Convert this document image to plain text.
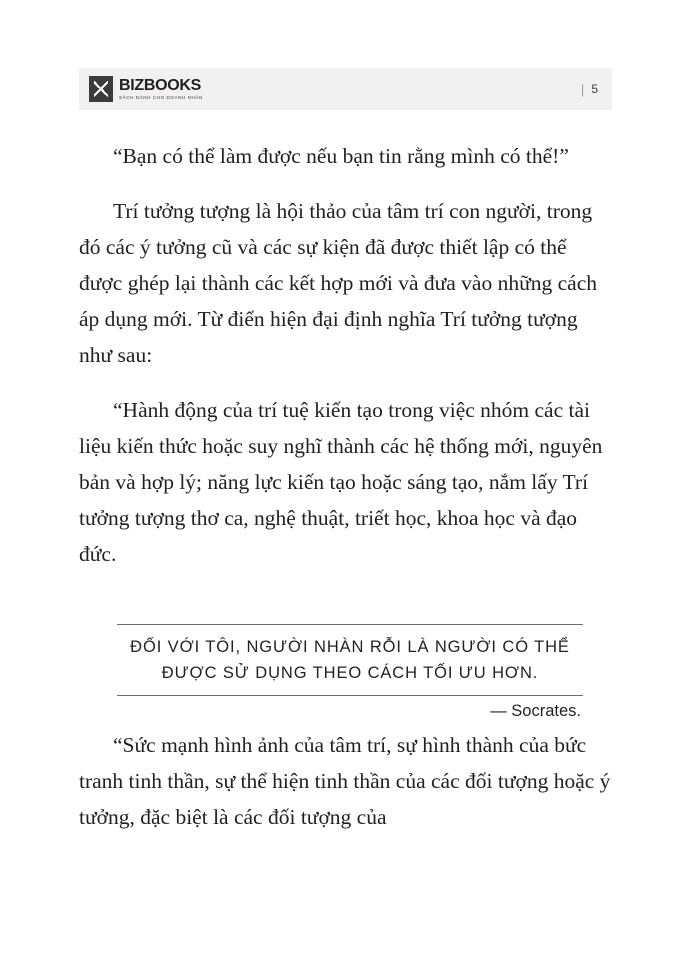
BIZBOOKS
SÁCH DÀNH CHO DOANH NHÂN
| 5

“Bạn có thể làm được nếu bạn tin rằng mình có thể!”

Trí tưởng tượng là hội thảo của tâm trí con người, trong đó các ý tưởng cũ và các sự kiện đã được thiết lập có thể được ghép lại thành các kết hợp mới và đưa vào những cách áp dụng mới. Từ điển hiện đại định nghĩa Trí tưởng tượng như sau:

“Hành động của trí tuệ kiến tạo trong việc nhóm các tài liệu kiến thức hoặc suy nghĩ thành các hệ thống mới, nguyên bản và hợp lý; năng lực kiến tạo hoặc sáng tạo, nắm lấy Trí tưởng tượng thơ ca, nghệ thuật, triết học, khoa học và đạo đức.

ĐỐI VỚI TÔI, NGƯỜI NHÀN RỖI LÀ NGƯỜI CÓ THỂ ĐƯỢC SỬ DỤNG THEO CÁCH TỐI ƯU HƠN.
— Socrates.

“Sức mạnh hình ảnh của tâm trí, sự hình thành của bức tranh tinh thần, sự thể hiện tinh thần của các đối tượng hoặc ý tưởng, đặc biệt là các đối tượng của
